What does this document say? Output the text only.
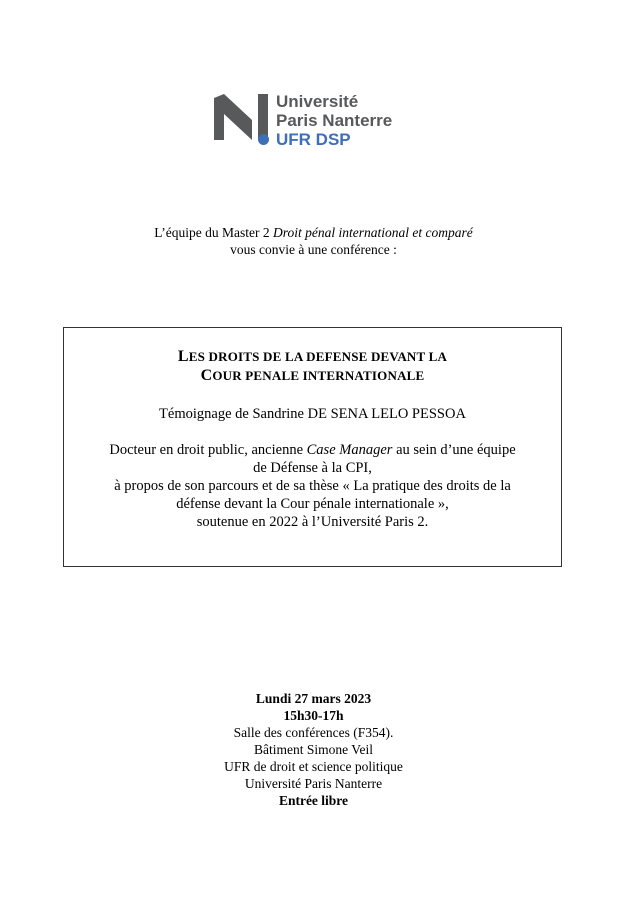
Université
Paris Nanterre
UFR DSP
L’équipe du Master 2 Droit pénal international et comparé
vous convie à une conférence :
LES DROITS DE LA DEFENSE DEVANT LA
COUR PENALE INTERNATIONALE
Témoignage de Sandrine DE SENA LELO PESSOA
Docteur en droit public, ancienne Case Manager au sein d’une équipe
de Défense à la CPI,
à propos de son parcours et de sa thèse « La pratique des droits de la
défense devant la Cour pénale internationale »,
soutenue en 2022 à l’Université Paris 2.
Lundi 27 mars 2023
15h30-17h
Salle des conférences (F354).
Bâtiment Simone Veil
UFR de droit et science politique
Université Paris Nanterre
Entrée libre
